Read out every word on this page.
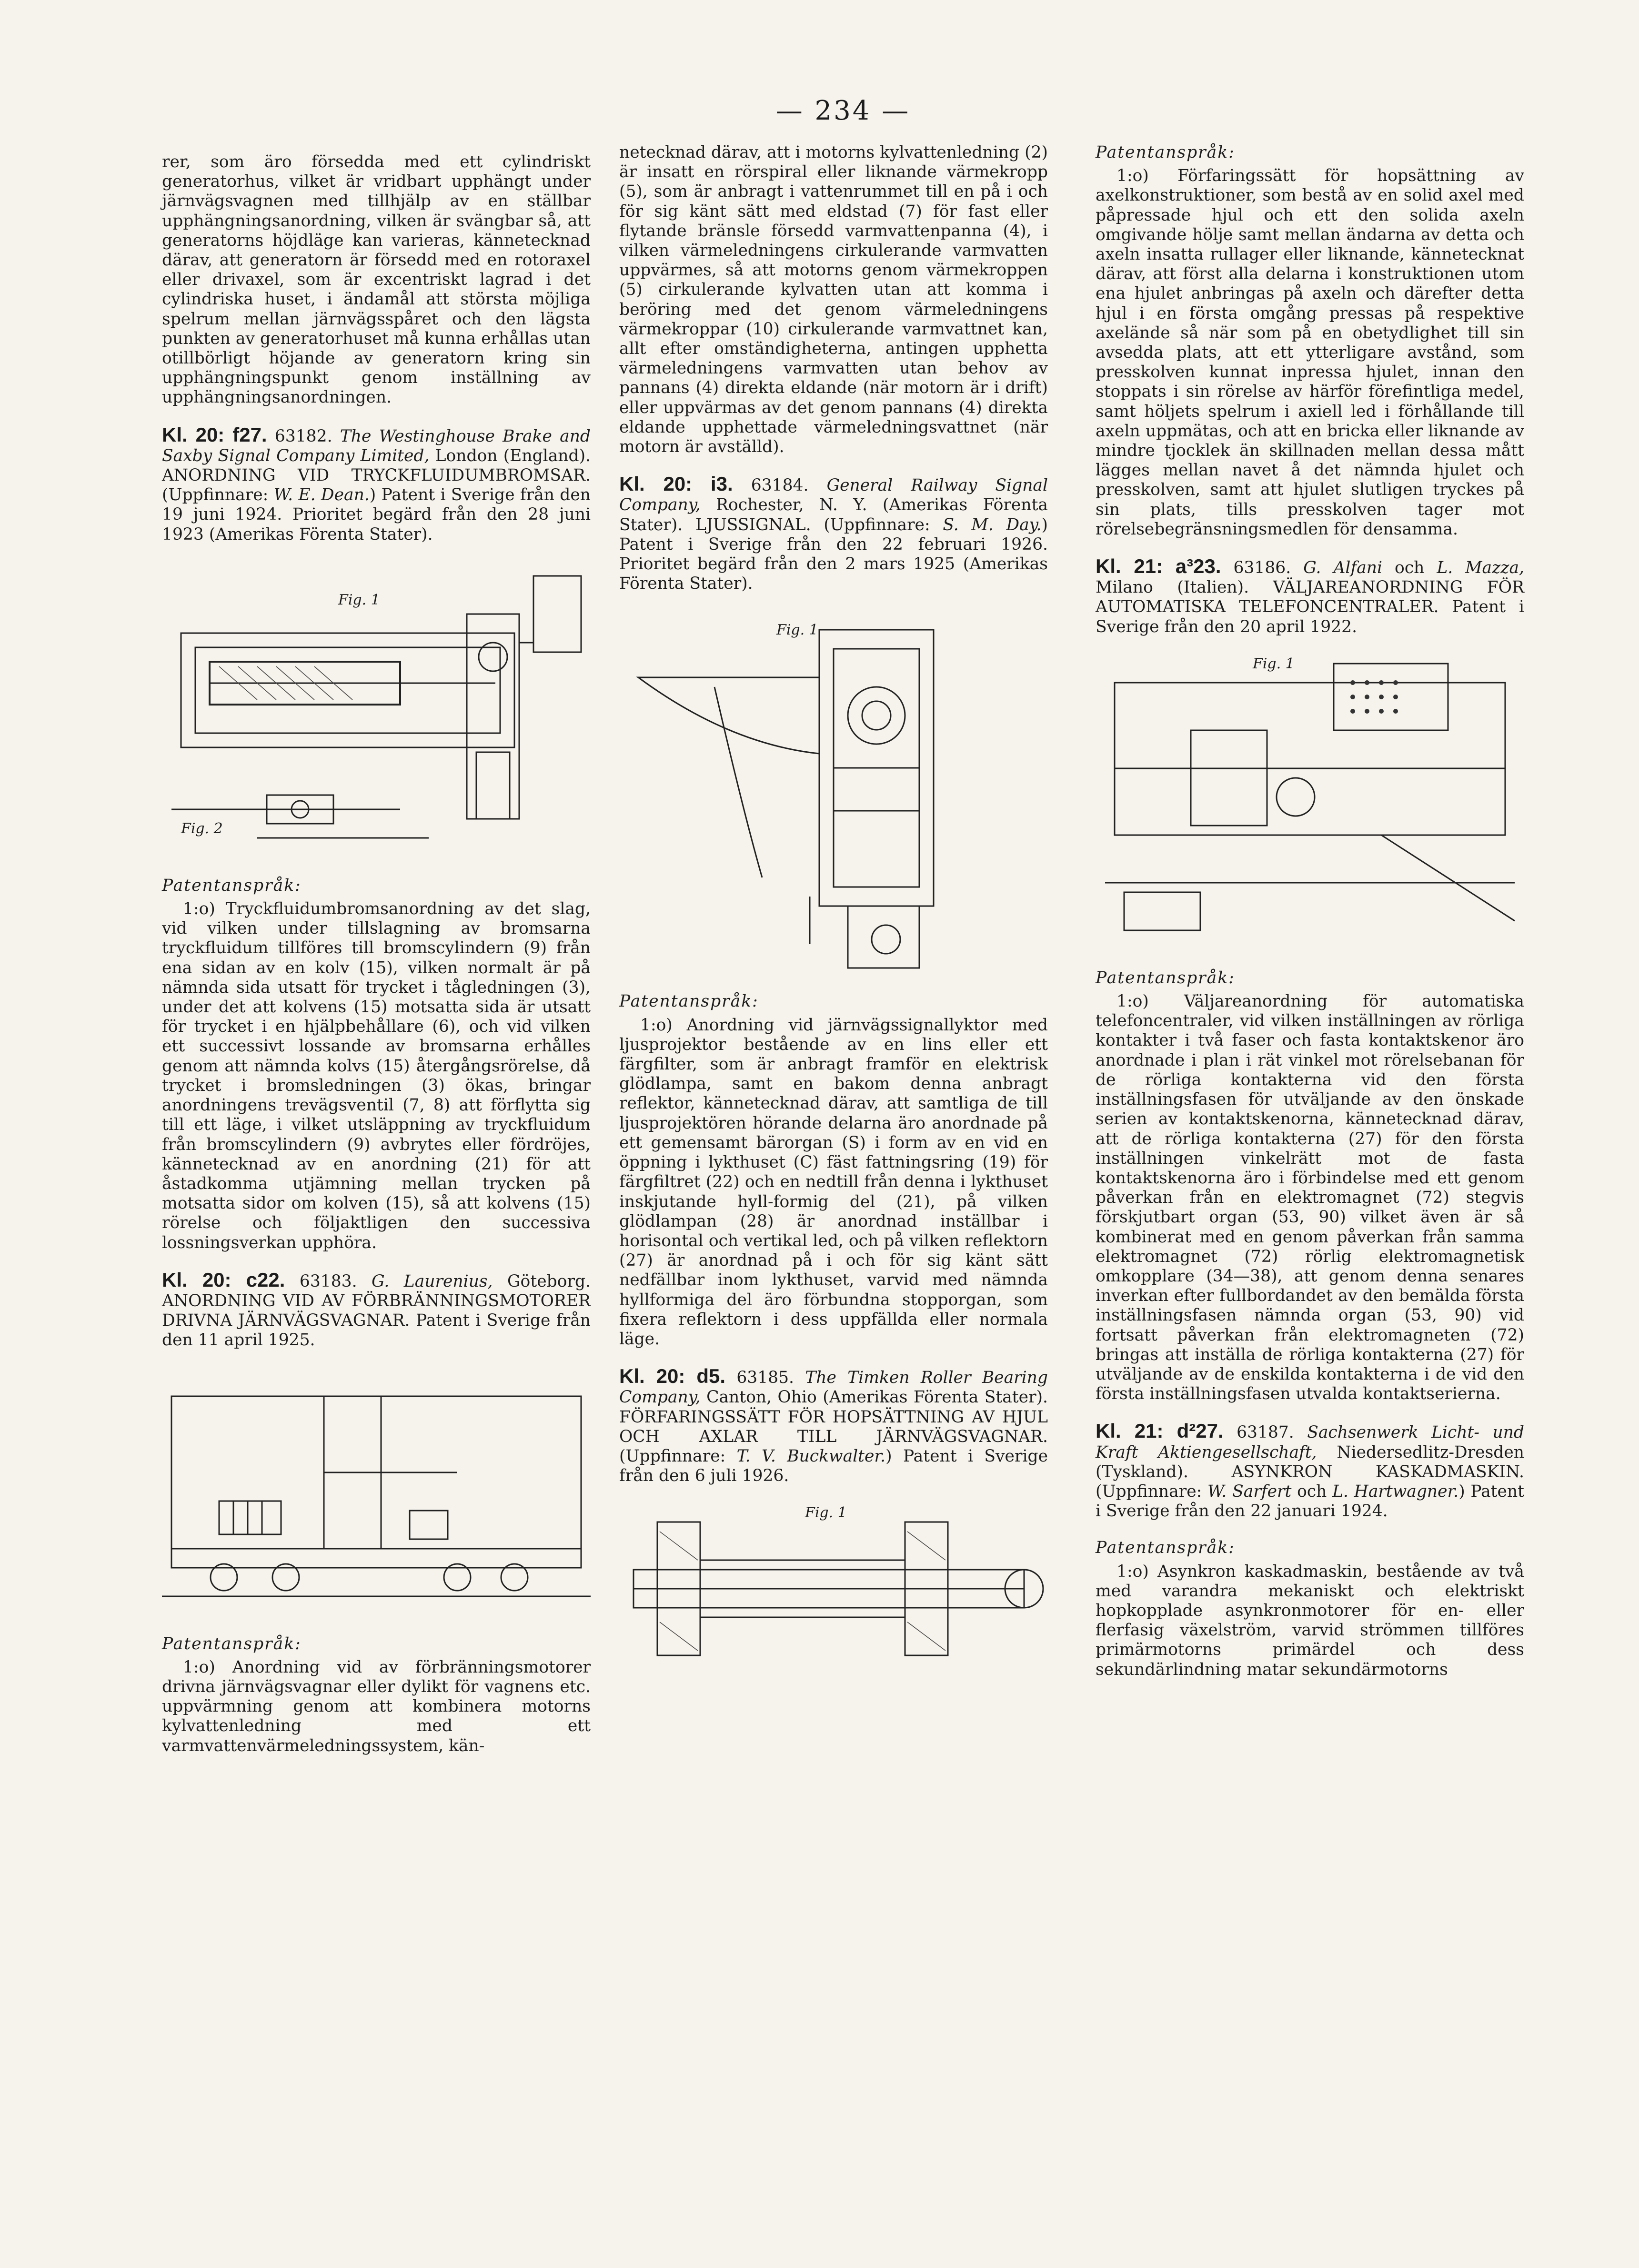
— 234 —

rer, som äro försedda med ett cylindriskt generatorhus, vilket är vridbart upphängt under järnvägsvagnen med tillhjälp av en ställbar upphängningsanordning, vilken är svängbar så, att generatorns höjdläge kan varieras, kännetecknad därav, att generatorn är försedd med en rotoraxel eller drivaxel, som är excentriskt lagrad i det cylindriska huset, i ändamål att största möjliga spelrum mellan järnvägsspåret och den lägsta punkten av generatorhuset må kunna erhållas utan otillbörligt höjande av generatorn kring sin upphängningspunkt genom inställning av upphängningsanordningen.

Kl. 20: f27. 63182. The Westinghouse Brake and Saxby Signal Company Limited, London (England). ANORDNING VID TRYCKFLUIDUMBROMSAR. (Uppfinnare: W. E. Dean.) Patent i Sverige från den 19 juni 1924. Prioritet begärd från den 28 juni 1923 (Amerikas Förenta Stater).

Fig. 1
Fig. 2

Patentanspråk:

1:o) Tryckfluidumbromsanordning av det slag, vid vilken under tillslagning av bromsarna tryckfluidum tillföres till bromscylindern (9) från ena sidan av en kolv (15), vilken normalt är på nämnda sida utsatt för trycket i tågledningen (3), under det att kolvens (15) motsatta sida är utsatt för trycket i en hjälpbehållare (6), och vid vilken ett successivt lossande av bromsarna erhålles genom att nämnda kolvs (15) återgångsrörelse, då trycket i bromsledningen (3) ökas, bringar anordningens trevägsventil (7, 8) att förflytta sig till ett läge, i vilket utsläppning av tryckfluidum från bromscylindern (9) avbrytes eller fördröjes, kännetecknad av en anordning (21) för att åstadkomma utjämning mellan trycken på motsatta sidor om kolven (15), så att kolvens (15) rörelse och följaktligen den successiva lossningsverkan upphöra.

Kl. 20: c22. 63183. G. Laurenius, Göteborg. ANORDNING VID AV FÖRBRÄNNINGSMOTORER DRIVNA JÄRNVÄGSVAGNAR. Patent i Sverige från den 11 april 1925.

Patentanspråk:

1:o) Anordning vid av förbränningsmotorer drivna järnvägsvagnar eller dylikt för vagnens etc. uppvärmning genom att kombinera motorns kylvattenledning med ett varmvattenvärmeledningssystem, kän-

netecknad därav, att i motorns kylvattenledning (2) är insatt en rörspiral eller liknande värmekropp (5), som är anbragt i vattenrummet till en på i och för sig känt sätt med eldstad (7) för fast eller flytande bränsle försedd varmvattenpanna (4), i vilken värmeledningens cirkulerande varmvatten uppvärmes, så att motorns genom värmekroppen (5) cirkulerande kylvatten utan att komma i beröring med det genom värmeledningens värmekroppar (10) cirkulerande varmvattnet kan, allt efter omständigheterna, antingen upphetta värmeledningens varmvatten utan behov av pannans (4) direkta eldande (när motorn är i drift) eller uppvärmas av det genom pannans (4) direkta eldande upphettade värmeledningsvattnet (när motorn är avställd).

Kl. 20: i3. 63184. General Railway Signal Company, Rochester, N. Y. (Amerikas Förenta Stater). LJUSSIGNAL. (Uppfinnare: S. M. Day.) Patent i Sverige från den 22 februari 1926. Prioritet begärd från den 2 mars 1925 (Amerikas Förenta Stater).

Fig. 1

Patentanspråk:

1:o) Anordning vid järnvägssignallyktor med ljusprojektor bestående av en lins eller ett färgfilter, som är anbragt framför en elektrisk glödlampa, samt en bakom denna anbragt reflektor, kännetecknad därav, att samtliga de till ljusprojektören hörande delarna äro anordnade på ett gemensamt bärorgan (S) i form av en vid en öppning i lykthuset (C) fäst fattningsring (19) för färgfiltret (22) och en nedtill från denna i lykthuset inskjutande hyll-formig del (21), på vilken glödlampan (28) är anordnad inställbar i horisontal och vertikal led, och på vilken reflektorn (27) är anordnad på i och för sig känt sätt nedfällbar inom lykthuset, varvid med nämnda hyllformiga del äro förbundna stopporgan, som fixera reflektorn i dess uppfällda eller normala läge.

Kl. 20: d5. 63185. The Timken Roller Bearing Company, Canton, Ohio (Amerikas Förenta Stater). FÖRFARINGSSÄTT FÖR HOPSÄTTNING AV HJUL OCH AXLAR TILL JÄRNVÄGSVAGNAR. (Uppfinnare: T. V. Buckwalter.) Patent i Sverige från den 6 juli 1926.

Fig. 1

Patentanspråk:

1:o) Förfaringssätt för hopsättning av axelkonstruktioner, som bestå av en solid axel med påpressade hjul och ett den solida axeln omgivande hölje samt mellan ändarna av detta och axeln insatta rullager eller liknande, kännetecknat därav, att först alla delarna i konstruktionen utom ena hjulet anbringas på axeln och därefter detta hjul i en första omgång pressas på respektive axeländе så när som på en obetydlighet till sin avsedda plats, att ett ytterligare avstånd, som presskolven kunnat inpressa hjulet, innan den stoppats i sin rörelse av härför förefintliga medel, samt höljets spelrum i axiell led i förhållande till axeln uppmätas, och att en bricka eller liknande av mindre tjocklek än skillnaden mellan dessa mått lägges mellan navet å det nämnda hjulet och presskolven, samt att hjulet slutligen tryckes på sin plats, tills presskolven tager mot rörelsebegränsningsmedlen för densamma.

Kl. 21: a³23. 63186. G. Alfani och L. Mazza, Milano (Italien). VÄLJAREANORDNING FÖR AUTOMATISKA TELEFONCENTRALER. Patent i Sverige från den 20 april 1922.

Fig. 1

Patentanspråk:

1:o) Väljareanordning för automatiska telefoncentraler, vid vilken inställningen av rörliga kontakter i två faser och fasta kontaktskenor äro anordnade i plan i rät vinkel mot rörelsebanan för de rörliga kontakterna vid den första inställningsfasen för utväljande av den önskade serien av kontaktskenorna, kännetecknad därav, att de rörliga kontakterna (27) för den första inställningen vinkelrätt mot de fasta kontaktskenorna äro i förbindelse med ett genom påverkan från en elektromagnet (72) stegvis förskjutbart organ (53, 90) vilket även är så kombinerat med en genom påverkan från samma elektromagnet (72) rörlig elektromagnetisk omkopplare (34—38), att genom denna senares inverkan efter fullbordandet av den bemälda första inställningsfasen nämnda organ (53, 90) vid fortsatt påverkan från elektromagneten (72) bringas att inställa de rörliga kontakterna (27) för utväljande av de enskilda kontakterna i de vid den första inställningsfasen utvalda kontaktserierna.

Kl. 21: d²27. 63187. Sachsenwerk Licht- und Kraft Aktiengesellschaft, Niedersedlitz-Dresden (Tyskland). ASYNKRON KASKADMASKIN. (Uppfinnare: W. Sarfert och L. Hartwagner.) Patent i Sverige från den 22 januari 1924.

Patentanspråk:

1:o) Asynkron kaskadmaskin, bestående av två med varandra mekaniskt och elektriskt hopkopplade asynkronmotorer för en- eller flerfasig växelström, varvid strömmen tillföres primärmotorns primärdel och dess sekundärlindning matar sekundärmotorns
